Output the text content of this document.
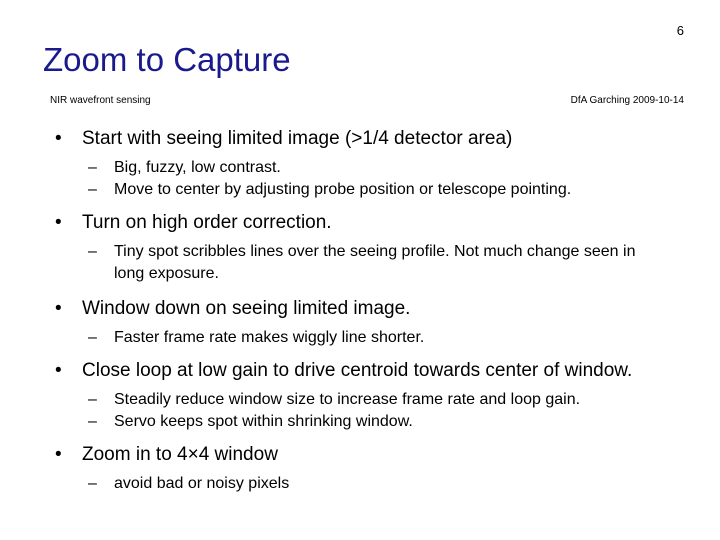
6
Zoom to Capture
NIR wavefront sensing	DfA Garching 2009-10-14
•	Start with seeing limited image (>1/4 detector area)
– Big, fuzzy, low contrast.
– Move to center by adjusting probe position or telescope pointing.
•	Turn on high order correction.
– Tiny spot scribbles lines over the seeing profile. Not much change seen in long exposure.
•	Window down on seeing limited image.
– Faster frame rate makes wiggly line shorter.
•	Close loop at low gain to drive centroid towards center of window.
– Steadily reduce window size to increase frame rate and loop gain.
– Servo keeps spot within shrinking window.
•	Zoom in to 4×4 window
– avoid bad or noisy pixels
